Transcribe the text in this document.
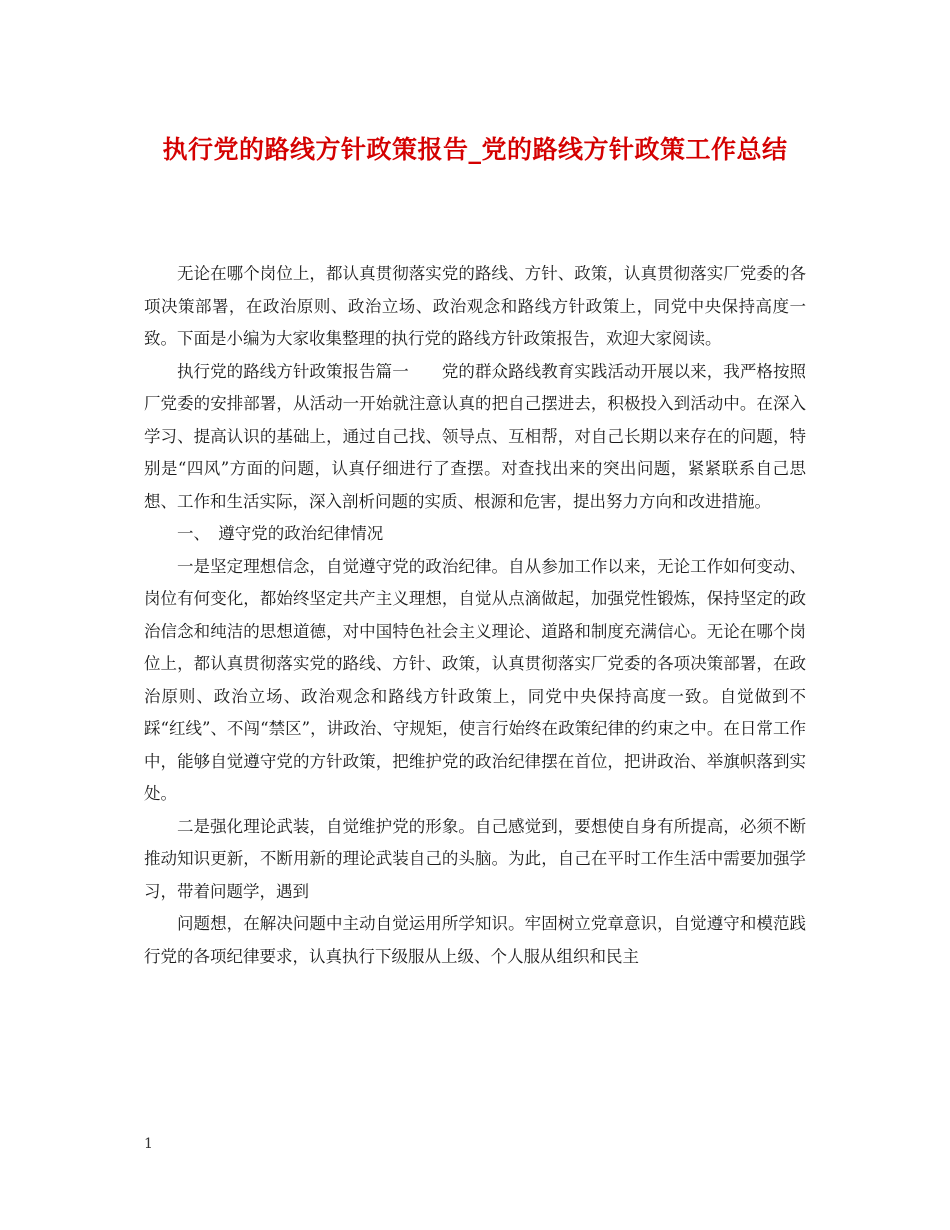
执行党的路线方针政策报告_党的路线方针政策工作总结

无论在哪个岗位上，都认真贯彻落实党的路线、方针、政策，认真贯彻落实厂党委的各项决策部署，在政治原则、政治立场、政治观念和路线方针政策上，同党中央保持高度一致。下面是小编为大家收集整理的执行党的路线方针政策报告，欢迎大家阅读。

执行党的路线方针政策报告篇一　　党的群众路线教育实践活动开展以来，我严格按照厂党委的安排部署，从活动一开始就注意认真的把自己摆进去，积极投入到活动中。在深入学习、提高认识的基础上，通过自己找、领导点、互相帮，对自己长期以来存在的问题，特别是“四风”方面的问题，认真仔细进行了查摆。对查找出来的突出问题，紧紧联系自己思想、工作和生活实际，深入剖析问题的实质、根源和危害，提出努力方向和改进措施。

一、　遵守党的政治纪律情况

一是坚定理想信念，自觉遵守党的政治纪律。自从参加工作以来，无论工作如何变动、岗位有何变化，都始终坚定共产主义理想，自觉从点滴做起，加强党性锻炼，保持坚定的政治信念和纯洁的思想道德，对中国特色社会主义理论、道路和制度充满信心。无论在哪个岗位上，都认真贯彻落实党的路线、方针、政策，认真贯彻落实厂党委的各项决策部署，在政治原则、政治立场、政治观念和路线方针政策上，同党中央保持高度一致。自觉做到不踩“红线”、不闯“禁区”，讲政治、守规矩，使言行始终在政策纪律的约束之中。在日常工作中，能够自觉遵守党的方针政策，把维护党的政治纪律摆在首位，把讲政治、举旗帜落到实处。

二是强化理论武装，自觉维护党的形象。自己感觉到，要想使自身有所提高，必须不断推动知识更新，不断用新的理论武装自己的头脑。为此，自己在平时工作生活中需要加强学习，带着问题学，遇到

问题想，在解决问题中主动自觉运用所学知识。牢固树立党章意识，自觉遵守和模范践行党的各项纪律要求，认真执行下级服从上级、个人服从组织和民主

1
